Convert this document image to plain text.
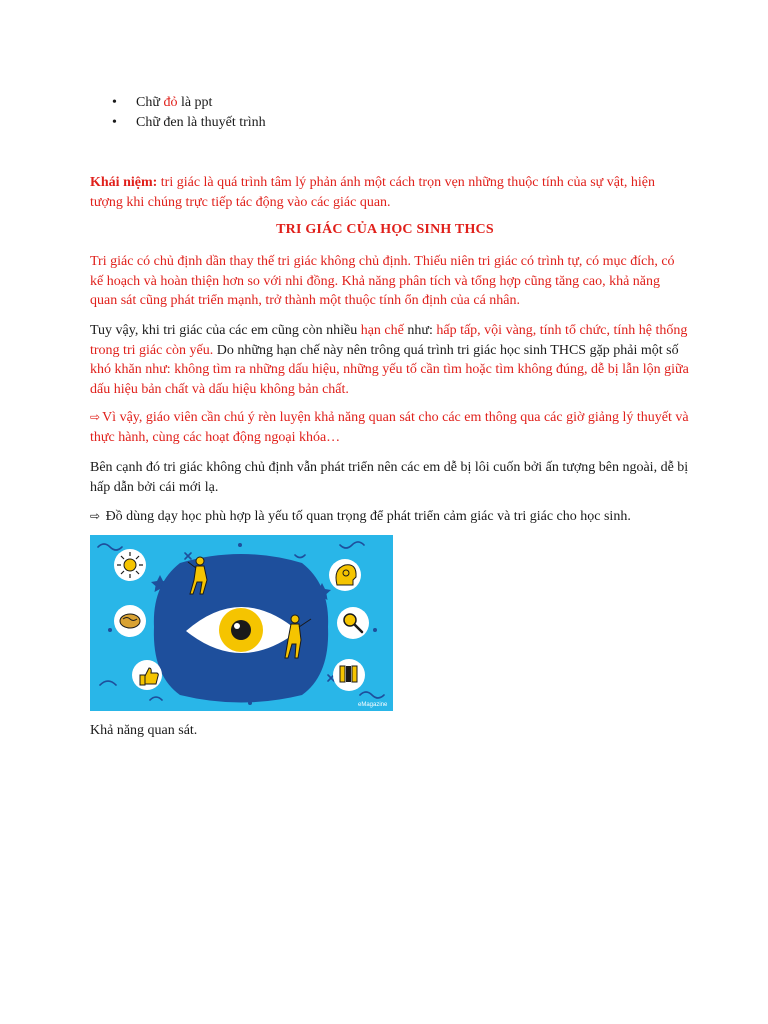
• Chữ đỏ là ppt
• Chữ đen là thuyết trình

Khái niệm: tri giác là quá trình tâm lý phản ánh một cách trọn vẹn những thuộc tính của sự vật, hiện tượng khi chúng trực tiếp tác động vào các giác quan.

TRI GIÁC CỦA HỌC SINH THCS

Tri giác có chủ định dần thay thế tri giác không chủ định. Thiếu niên tri giác có trình tự, có mục đích, có kế hoạch và hoàn thiện hơn so với nhi đồng. Khả năng phân tích và tổng hợp cũng tăng cao, khả năng quan sát cũng phát triển mạnh, trở thành một thuộc tính ổn định của cá nhân.

Tuy vậy, khi tri giác của các em cũng còn nhiều hạn chế như: hấp tấp, vội vàng, tính tổ chức, tính hệ thống trong tri giác còn yếu. Do những hạn chế này nên trông quá trình tri giác học sinh THCS gặp phải một số khó khăn như: không tìm ra những dấu hiệu, những yếu tố cần tìm hoặc tìm không đúng, dễ bị lẫn lộn giữa dấu hiệu bản chất và dấu hiệu không bản chất.

⇨ Vì vậy, giáo viên cần chú ý rèn luyện khả năng quan sát cho các em thông qua các giờ giảng lý thuyết và thực hành, cùng các hoạt động ngoại khóa…

Bên cạnh đó tri giác không chủ định vẫn phát triển nên các em dễ bị lôi cuốn bởi ấn tượng bên ngoài, dễ bị hấp dẫn bởi cái mới lạ.

⇨ Đồ dùng dạy học phù hợp là yếu tố quan trọng để phát triển cảm giác và tri giác cho học sinh.

eMagazine

Khả năng quan sát.
